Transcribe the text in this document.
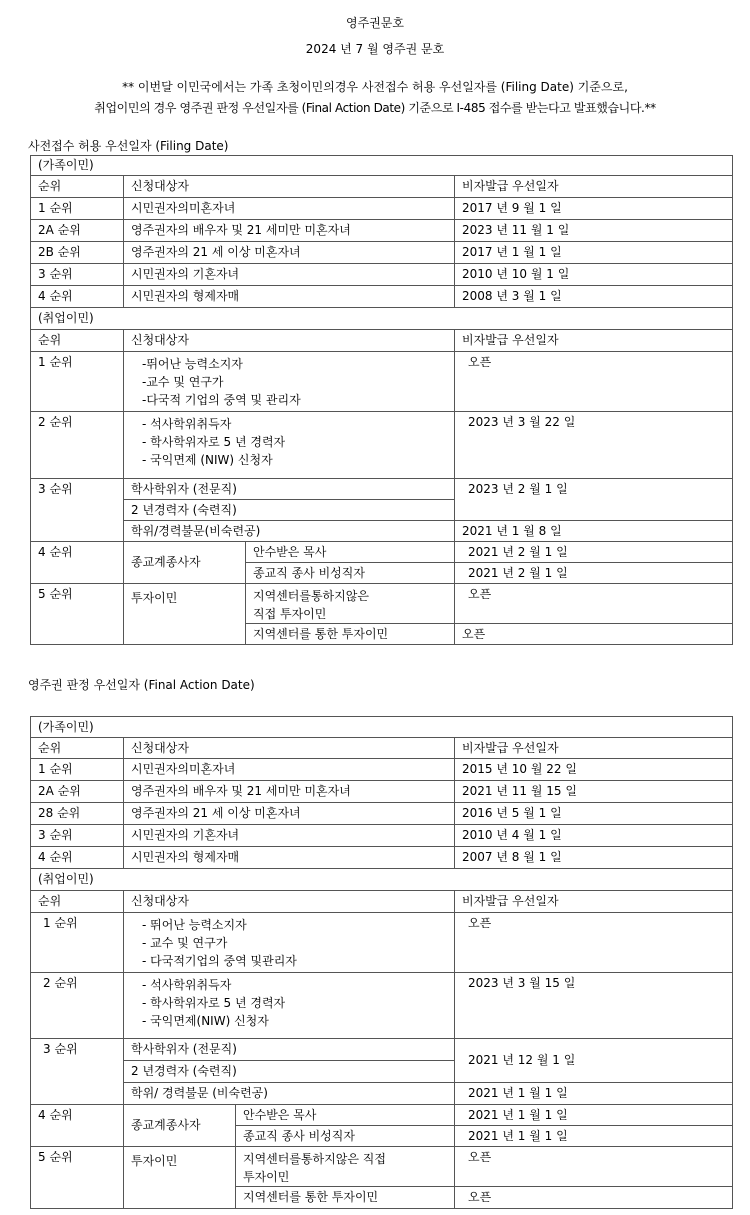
영주권문호
2024 년 7 월 영주권 문호
** 이번달 이민국에서는 가족 초청이민의경우 사전접수 허용 우선일자를 (Filing Date) 기준으로,
취업이민의 경우 영주권 판정 우선일자를 (Final Action Date) 기준으로 I-485 접수를 받는다고 발표했습니다.**
사전접수 허용 우선일자 (Filing Date)
(가족이민)			
순위	신청대상자		비자발급 우선일자
1 순위	시민권자의미혼자녀		2017 년 9 월 1 일
2A 순위	영주권자의 배우자 및 21 세미만 미혼자녀		2023 년 11 월 1 일
2B 순위	영주권자의 21 세 이상 미혼자녀		2017 년 1 월 1 일
3 순위	시민권자의 기혼자녀		2010 년 10 월 1 일
4 순위	시민권자의 형제자매		2008 년 3 월 1 일
(취업이민)			
순위	신청대상자		비자발급 우선일자
1 순위	-뛰어난 능력소지자
-교수 및 연구가
-다국적 기업의 중역 및 관리자		오픈
2 순위	- 석사학위취득자
- 학사학위자로 5 년 경력자
- 국익면제 (NIW) 신청자		2023 년 3 월 22 일
3 순위	학사학위자 (전문직)		2023 년 2 월 1 일
	2 년경력자 (숙련직)		
	학위/경력불문(비숙련공)		2021 년 1 월 8 일
4 순위	종교계종사자	안수받은 목사	2021 년 2 월 1 일
		종교직 종사 비성직자	2021 년 2 월 1 일
5 순위	투자이민	지역센터를통하지않은
직접 투자이민	오픈
		지역센터를 통한 투자이민	오픈
영주권 판정 우선일자 (Final Action Date)
(가족이민)			
순위	신청대상자		비자발급 우선일자
1 순위	시민권자의미혼자녀		2015 년 10 월 22 일
2A 순위	영주권자의 배우자 및 21 세미만 미혼자녀		2021 년 11 월 15 일
28 순위	영주권자의 21 세 이상 미혼자녀		2016 년 5 월 1 일
3 순위	시민권자의 기혼자녀		2010 년 4 월 1 일
4 순위	시민권자의 형제자매		2007 년 8 월 1 일
(취업이민)			
순위	신청대상자		비자발급 우선일자
1 순위	- 뛰어난 능력소지자
- 교수 및 연구가
- 다국적기업의 중역 및관리자		오픈
2 순위	- 석사학위취득자
- 학사학위자로 5 년 경력자
- 국익면제(NIW) 신청자		2023 년 3 월 15 일
3 순위	학사학위자 (전문직)		2021 년 12 월 1 일
	2 년경력자 (숙련직)		
	학위/ 경력불문 (비숙련공)		2021 년 1 월 1 일
4 순위	종교계종사자	안수받은 목사	2021 년 1 월 1 일
		종교직 종사 비성직자	2021 년 1 월 1 일
5 순위	투자이민	지역센터를통하지않은 직접
투자이민	오픈
		지역센터를 통한 투자이민	오픈
